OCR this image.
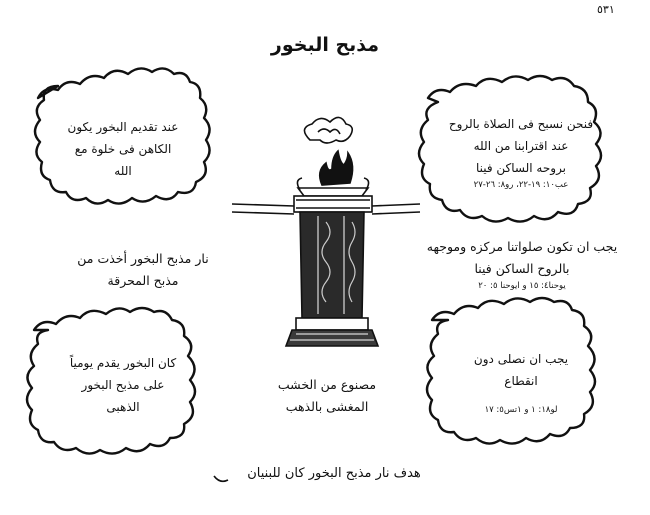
٥٣١
مذبح البخور
عند تقديم البخور يكون
الكاهن فى خلوة مع
الله
فنحن نسبح فى الصلاة بالروح
عند اقترابنا من الله
بروحه الساكن فينا
عب١٠: ١٩-٢٢، رو٨: ٢٦-٢٧
نار مذبح البخور أخذت من
مذبح المحرقة
يجب ان تكون صلواتنا مركزه وموجهه
بالروح الساكن فينا
يوحنا٤: ١٥ و ايوحنا ٥: ٢٠
كان البخور يقدم يومياً
على مذبح البخور
الذهبى
يجب ان نصلى دون
انقطاع
لو١٨: ١ و ١تس٥: ١٧
مصنوع من الخشب
المغشى بالذهب
هدف نار مذبح البخور كان للبنيان
